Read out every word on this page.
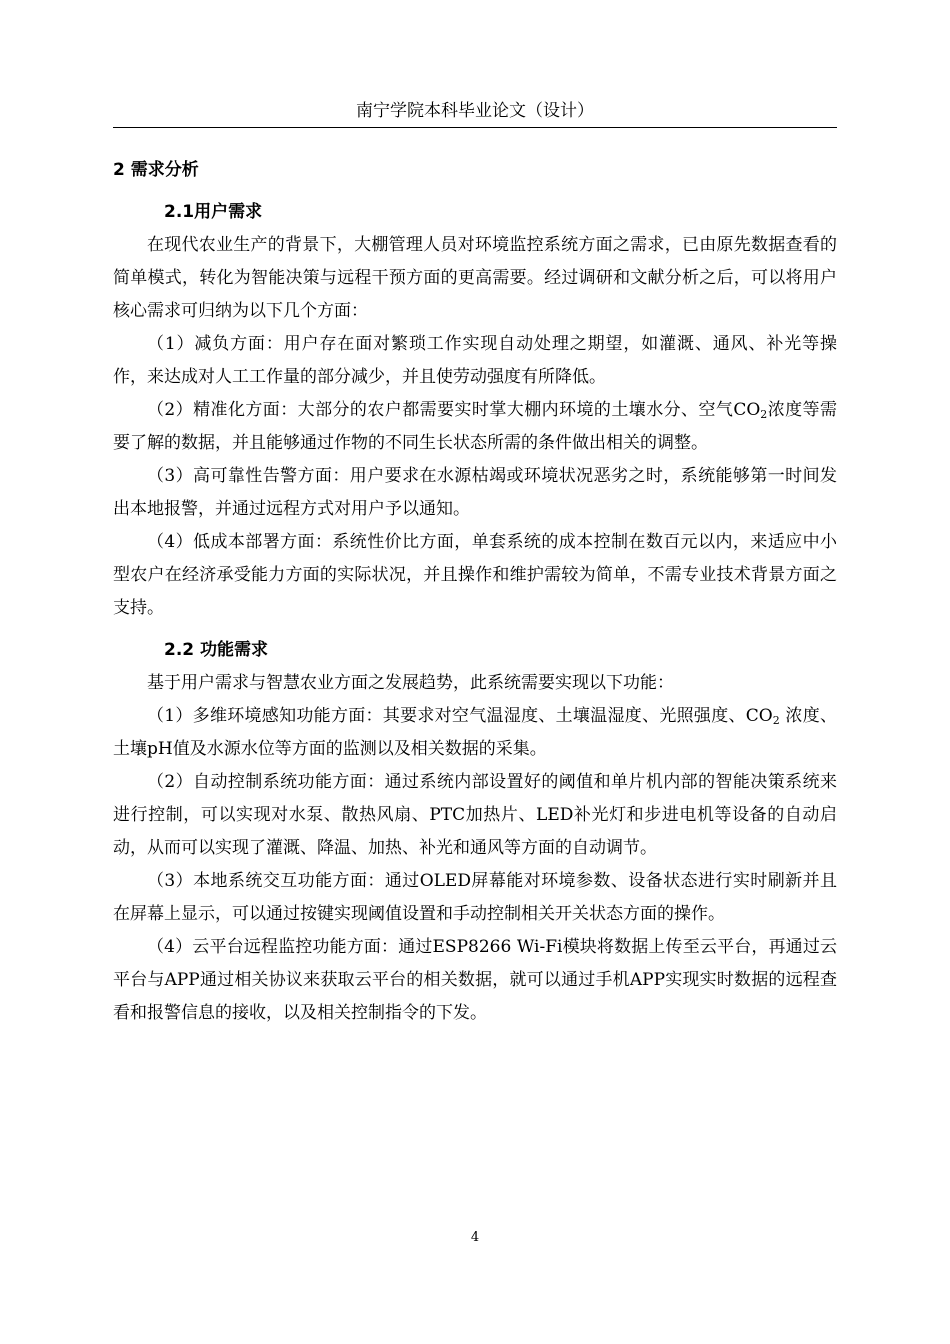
南宁学院本科毕业论文（设计）
2 需求分析
2.1用户需求

在现代农业生产的背景下，大棚管理人员对环境监控系统方面之需求，已由原先数据查看的简单模式，转化为智能决策与远程干预方面的更高需要。经过调研和文献分析之后，可以将用户核心需求可归纳为以下几个方面：

（1）减负方面：用户存在面对繁琐工作实现自动处理之期望，如灌溉、通风、补光等操作，来达成对人工工作量的部分减少，并且使劳动强度有所降低。

（2）精准化方面：大部分的农户都需要实时掌大棚内环境的土壤水分、空气$CO_2$浓度等需要了解的数据，并且能够通过作物的不同生长状态所需的条件做出相关的调整。

（3）高可靠性告警方面：用户要求在水源枯竭或环境状况恶劣之时，系统能够第一时间发出本地报警，并通过远程方式对用户予以通知。

（4）低成本部署方面：系统性价比方面，单套系统的成本控制在数百元以内，来适应中小型农户在经济承受能力方面的实际状况，并且操作和维护需较为简单，不需专业技术背景方面之支持。

2.2 功能需求

基于用户需求与智慧农业方面之发展趋势，此系统需要实现以下功能：

（1）多维环境感知功能方面：其要求对空气温湿度、土壤温湿度、光照强度、$CO_2$ 浓度、土壤pH值及水源水位等方面的监测以及相关数据的采集。

（2）自动控制系统功能方面：通过系统内部设置好的阈值和单片机内部的智能决策系统来进行控制，可以实现对水泵、散热风扇、PTC加热片、LED补光灯和步进电机等设备的自动启动，从而可以实现了灌溉、降温、加热、补光和通风等方面的自动调节。

（3）本地系统交互功能方面：通过OLED屏幕能对环境参数、设备状态进行实时刷新并且在屏幕上显示，可以通过按键实现阈值设置和手动控制相关开关状态方面的操作。

（4）云平台远程监控功能方面：通过ESP8266 Wi-Fi模块将数据上传至云平台，再通过云平台与APP通过相关协议来获取云平台的相关数据，就可以通过手机APP实现实时数据的远程查看和报警信息的接收，以及相关控制指令的下发。

4
